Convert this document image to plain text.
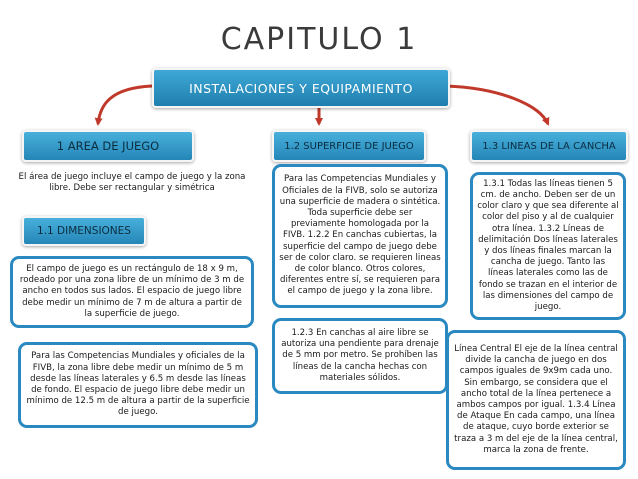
CAPITULO 1
INSTALACIONES Y EQUIPAMIENTO
1 AREA DE JUEGO
El área de juego incluye el campo de juego y la zona libre. Debe ser rectangular y simétrica
1.1 DIMENSIONES
El campo de juego es un rectángulo de 18 x 9 m, rodeado por una zona libre de un mínimo de 3 m de ancho en todos sus lados. El espacio de juego libre debe medir un mínimo de 7 m de altura a partir de la superficie de juego.
Para las Competencias Mundiales y oficiales de la FIVB, la zona libre debe medir un mínimo de 5 m desde las líneas laterales y 6.5 m desde las líneas de fondo. El espacio de juego libre debe medir un mínimo de 12.5 m de altura a partir de la superficie de juego.
1.2 SUPERFICIE DE JUEGO
Para las Competencias Mundiales y Oficiales de la FIVB, solo se autoriza una superficie de madera o sintética. Toda superficie debe ser previamente homologada por la FIVB. 1.2.2 En canchas cubiertas, la superficie del campo de juego debe ser de color claro. se requieren lineas de color blanco. Otros colores, diferentes entre sí, se requieren para el campo de juego y la zona libre.
1.2.3 En canchas al aire libre se autoriza una pendiente para drenaje de 5 mm por metro. Se prohíben las líneas de la cancha hechas con materiales sólidos.
1.3 LINEAS DE LA CANCHA
1.3.1 Todas las líneas tienen 5 cm. de ancho. Deben ser de un color claro y que sea diferente al color del piso y al de cualquier otra línea. 1.3.2 Líneas de delimitación Dos líneas laterales y dos líneas finales marcan la cancha de juego. Tanto las líneas laterales como las de fondo se trazan en el interior de las dimensiones del campo de juego.
Línea Central El eje de la línea central divide la cancha de juego en dos campos iguales de 9x9m cada uno. Sin embargo, se considera que el ancho total de la línea pertenece a ambos campos por igual. 1.3.4 Línea de Ataque En cada campo, una línea de ataque, cuyo borde exterior se traza a 3 m del eje de la línea central, marca la zona de frente.
